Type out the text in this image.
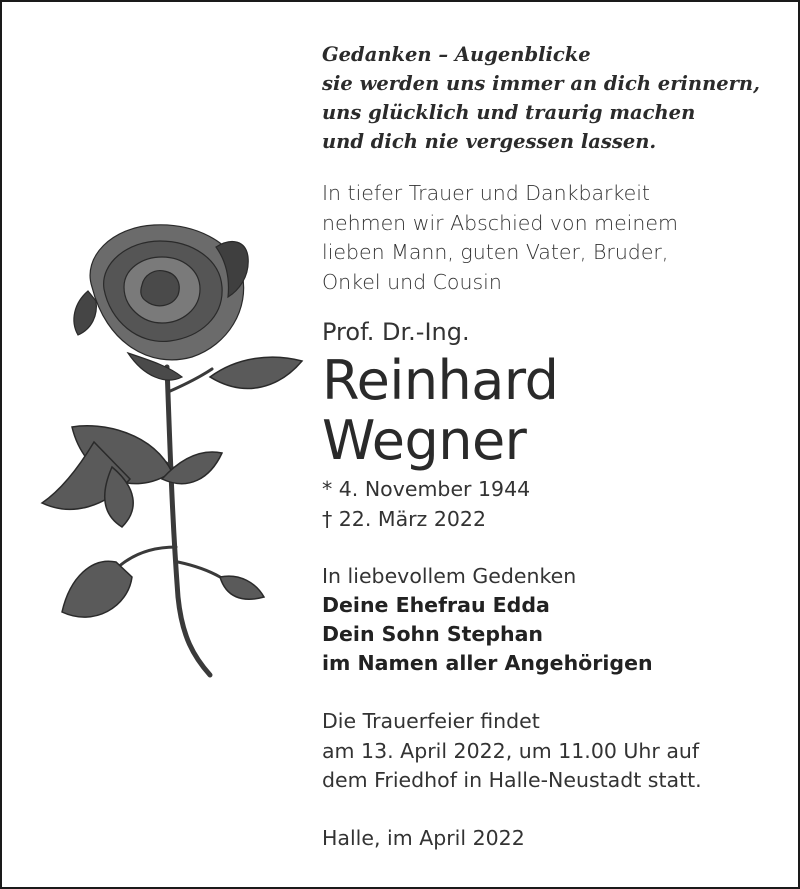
Gedanken – Augenblicke
sie werden uns immer an dich erinnern,
uns glücklich und traurig machen
und dich nie vergessen lassen.
In tiefer Trauer und Dankbarkeit
nehmen wir Abschied von meinem
lieben Mann, guten Vater, Bruder,
Onkel und Cousin
Prof. Dr.-Ing.
Reinhard
Wegner
* 4. November 1944
† 22. März 2022
In liebevollem Gedenken
Deine Ehefrau Edda
Dein Sohn Stephan
im Namen aller Angehörigen
Die Trauerfeier findet
am 13. April 2022, um 11.00 Uhr auf
dem Friedhof in Halle-Neustadt statt.
Halle, im April 2022
